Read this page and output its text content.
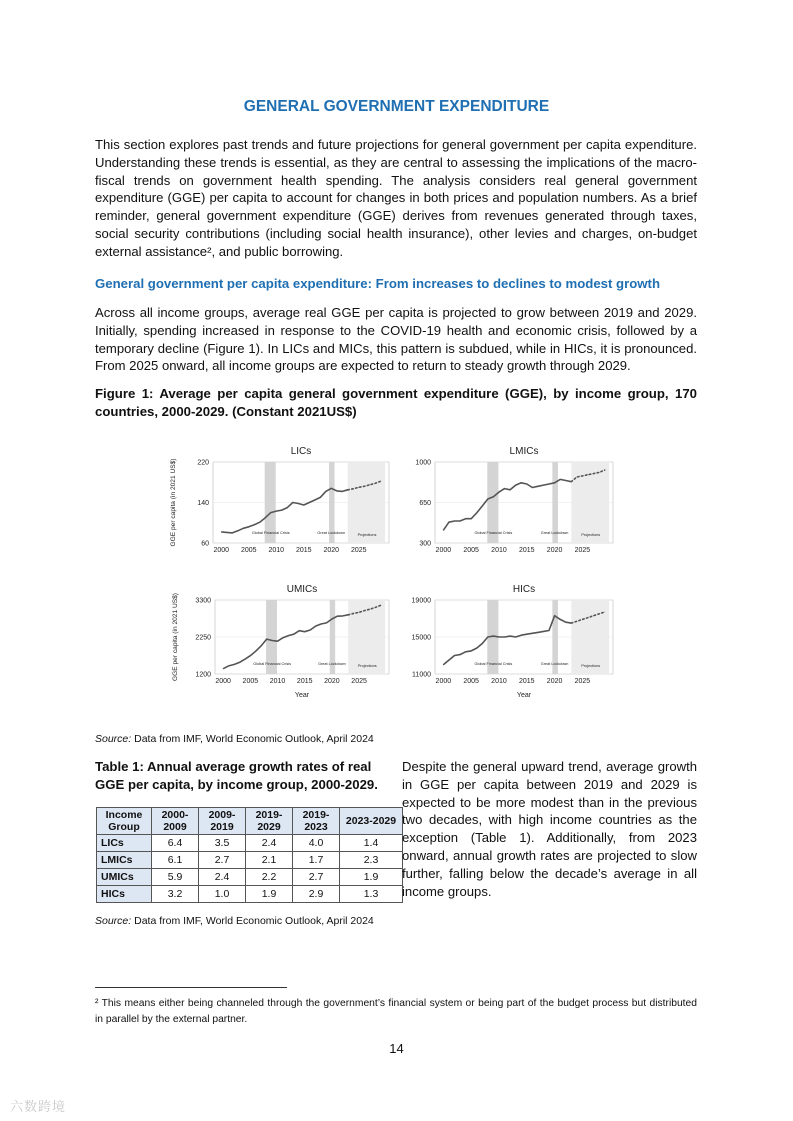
GENERAL GOVERNMENT EXPENDITURE
This section explores past trends and future projections for general government per capita expenditure. Understanding these trends is essential, as they are central to assessing the implications of the macro-fiscal trends on government health spending. The analysis considers real general government expenditure (GGE) per capita to account for changes in both prices and population numbers. As a brief reminder, general government expenditure (GGE) derives from revenues generated through taxes, social security contributions (including social health insurance), other levies and charges, on-budget external assistance², and public borrowing.
General government per capita expenditure: From increases to declines to modest growth
Across all income groups, average real GGE per capita is projected to grow between 2019 and 2029. Initially, spending increased in response to the COVID-19 health and economic crisis, followed by a temporary decline (Figure 1). In LICs and MICs, this pattern is subdued, while in HICs, it is pronounced. From 2025 onward, all income groups are expected to return to steady growth through 2029.
Figure 1: Average per capita general government expenditure (GGE), by income group, 170 countries, 2000-2029. (Constant 2021US$)
Global Financial Crisis	Great Lockdown	Projections
LICs
220
140
60
2000 2005 2010 2015 2020 2025
GGE per capita (in 2021 US$)	Global Financial Crisis	Great Lockdown	Projections
LMICs
1000
650
300
2000 2005 2010 2015 2020 2025
Global Financial Crisis	Great Lockdown	Projections
UMICs
3300
2250
1200
2000 2005 2010 2015 2020 2025
GGE per capita (in 2021 US$)
Year
Global Financial Crisis	Great Lockdown	Projections
HICs
19000
15000
11000
2000 2005 2010 2015 2020 2025
Year
Source: Data from IMF, World Economic Outlook, April 2024
Table 1: Annual average growth rates of real GGE per capita, by income group, 2000-2029.
Income Group	2000-2009	2009-2019	2019-2029	2019-2023	2023-2029
LICs	6.4	3.5	2.4	4.0	1.4
LMICs	6.1	2.7	2.1	1.7	2.3
UMICs	5.9	2.4	2.2	2.7	1.9
HICs	3.2	1.0	1.9	2.9	1.3
Source: Data from IMF, World Economic Outlook, April 2024
Despite the general upward trend, average growth in GGE per capita between 2019 and 2029 is expected to be more modest than in the previous two decades, with high income countries as the exception (Table 1). Additionally, from 2023 onward, annual growth rates are projected to slow further, falling below the decade’s average in all income groups.
² This means either being channeled through the government’s financial system or being part of the budget process but distributed in parallel by the external partner.
14
六数跨境
